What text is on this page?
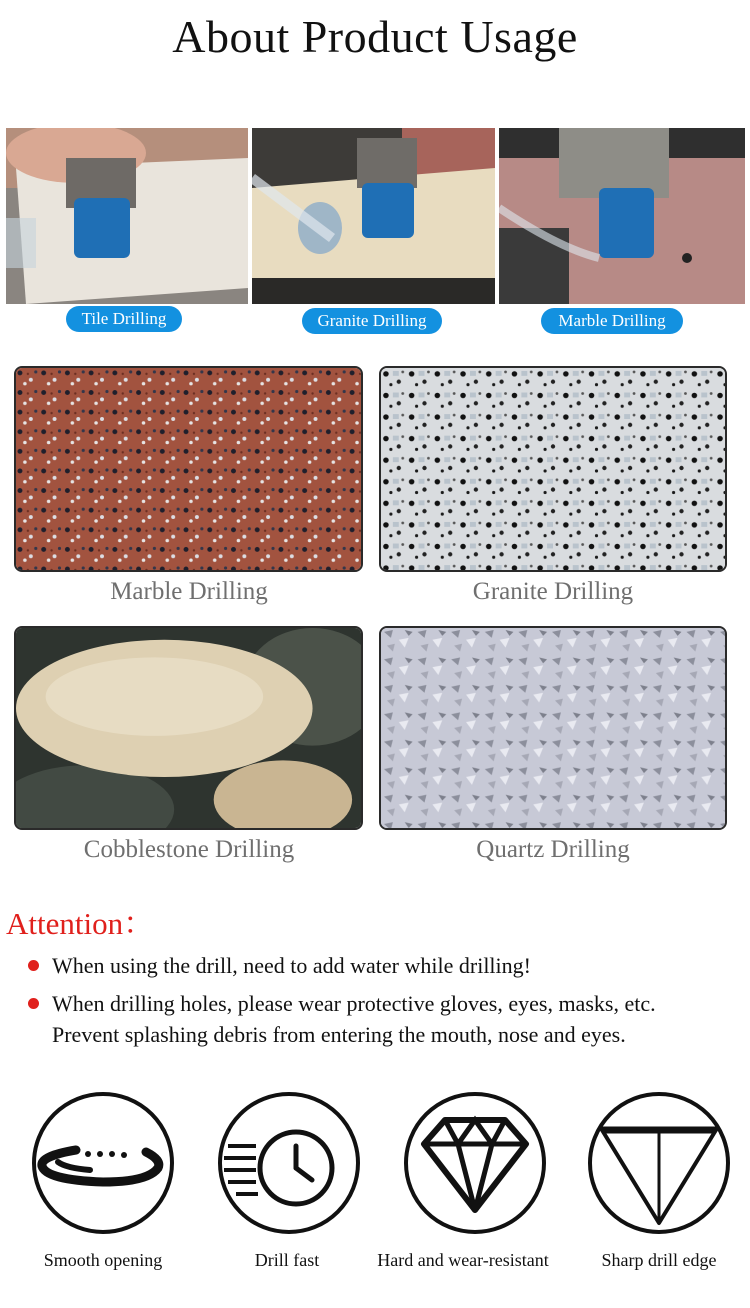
About Product Usage
Tile Drilling	Granite Drilling	Marble Drilling
Marble Drilling	Granite Drilling
Cobblestone Drilling	Quartz Drilling
Attention：
When using the drill, need to add water while drilling!
When drilling holes, please wear protective gloves, eyes, masks, etc.
Prevent splashing debris from entering the mouth, nose and eyes.
Smooth opening	Drill fast	Hard and wear-resistant	Sharp drill edge
